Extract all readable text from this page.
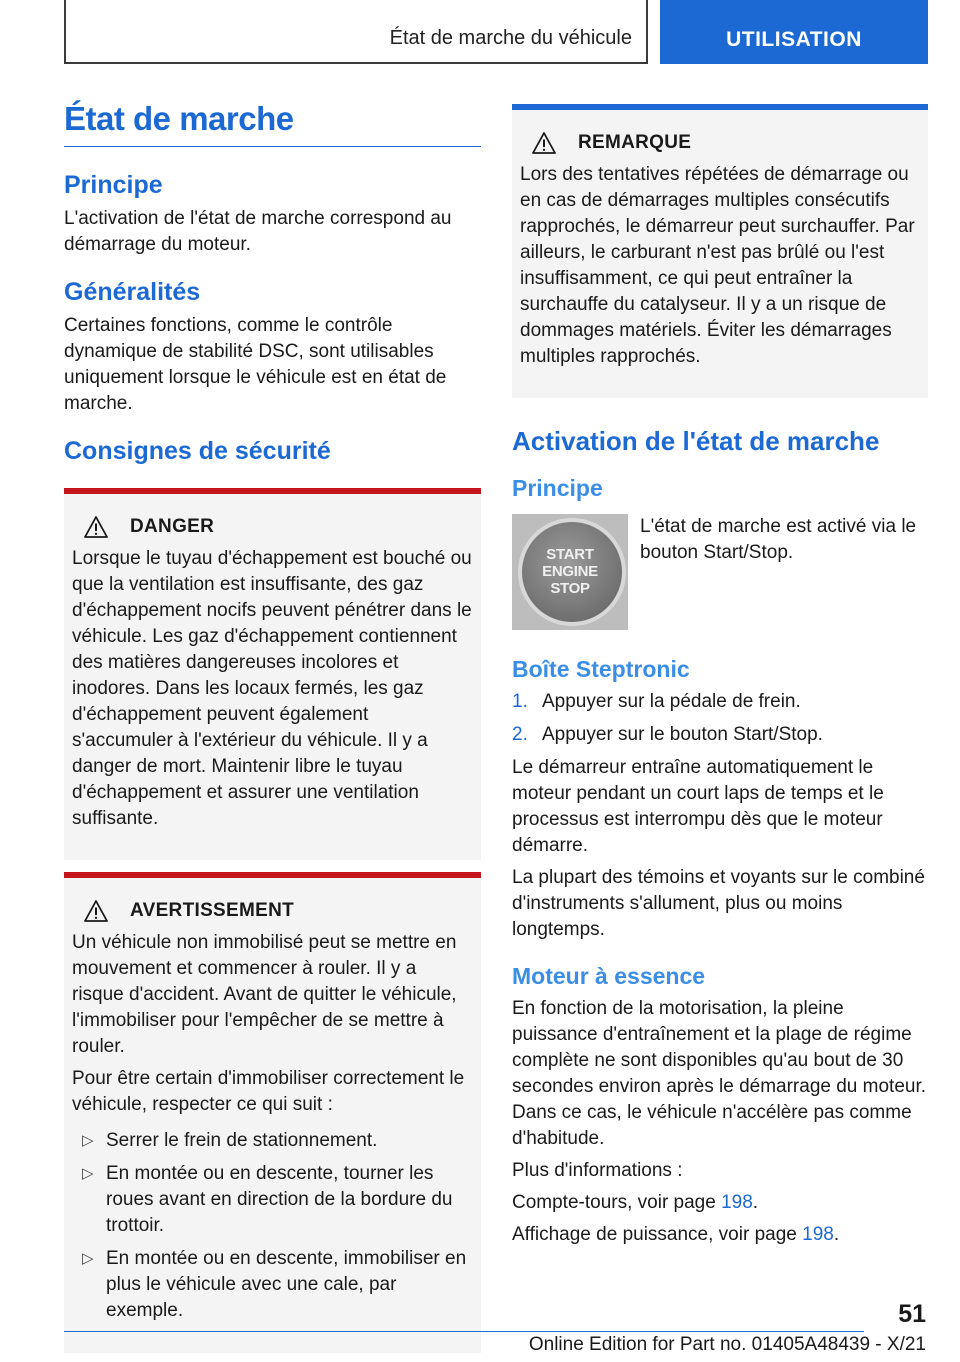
État de marche du véhicule	UTILISATION
État de marche
Principe
L'activation de l'état de marche correspond au démarrage du moteur.
Généralités
Certaines fonctions, comme le contrôle dynamique de stabilité DSC, sont utilisables uniquement lorsque le véhicule est en état de marche.
Consignes de sécurité
DANGER
Lorsque le tuyau d'échappement est bouché ou que la ventilation est insuffisante, des gaz d'échappement nocifs peuvent pénétrer dans le véhicule. Les gaz d'échappement contiennent des matières dangereuses incolores et inodores. Dans les locaux fermés, les gaz d'échappement peuvent également s'accumuler à l'extérieur du véhicule. Il y a danger de mort. Maintenir libre le tuyau d'échappement et assurer une ventilation suffisante.
AVERTISSEMENT
Un véhicule non immobilisé peut se mettre en mouvement et commencer à rouler. Il y a risque d'accident. Avant de quitter le véhicule, l'immobiliser pour l'empêcher de se mettre à rouler.
Pour être certain d'immobiliser correctement le véhicule, respecter ce qui suit :
▷ Serrer le frein de stationnement.
▷ En montée ou en descente, tourner les roues avant en direction de la bordure du trottoir.
▷ En montée ou en descente, immobiliser en plus le véhicule avec une cale, par exemple.
REMARQUE
Lors des tentatives répétées de démarrage ou en cas de démarrages multiples consécutifs rapprochés, le démarreur peut surchauffer. Par ailleurs, le carburant n'est pas brûlé ou l'est insuffisamment, ce qui peut entraîner la surchauffe du catalyseur. Il y a un risque de dommages matériels. Éviter les démarrages multiples rapprochés.
Activation de l'état de marche
Principe
START
ENGINE
STOP
L'état de marche est activé via le bouton Start/Stop.
Boîte Steptronic
1. Appuyer sur la pédale de frein.
2. Appuyer sur le bouton Start/Stop.
Le démarreur entraîne automatiquement le moteur pendant un court laps de temps et le processus est interrompu dès que le moteur démarre.
La plupart des témoins et voyants sur le combiné d'instruments s'allument, plus ou moins longtemps.
Moteur à essence
En fonction de la motorisation, la pleine puissance d'entraînement et la plage de régime complète ne sont disponibles qu'au bout de 30 secondes environ après le démarrage du moteur. Dans ce cas, le véhicule n'accélère pas comme d'habitude.
Plus d'informations :
Compte-tours, voir page 198.
Affichage de puissance, voir page 198.
51
Online Edition for Part no. 01405A48439 - X/21
